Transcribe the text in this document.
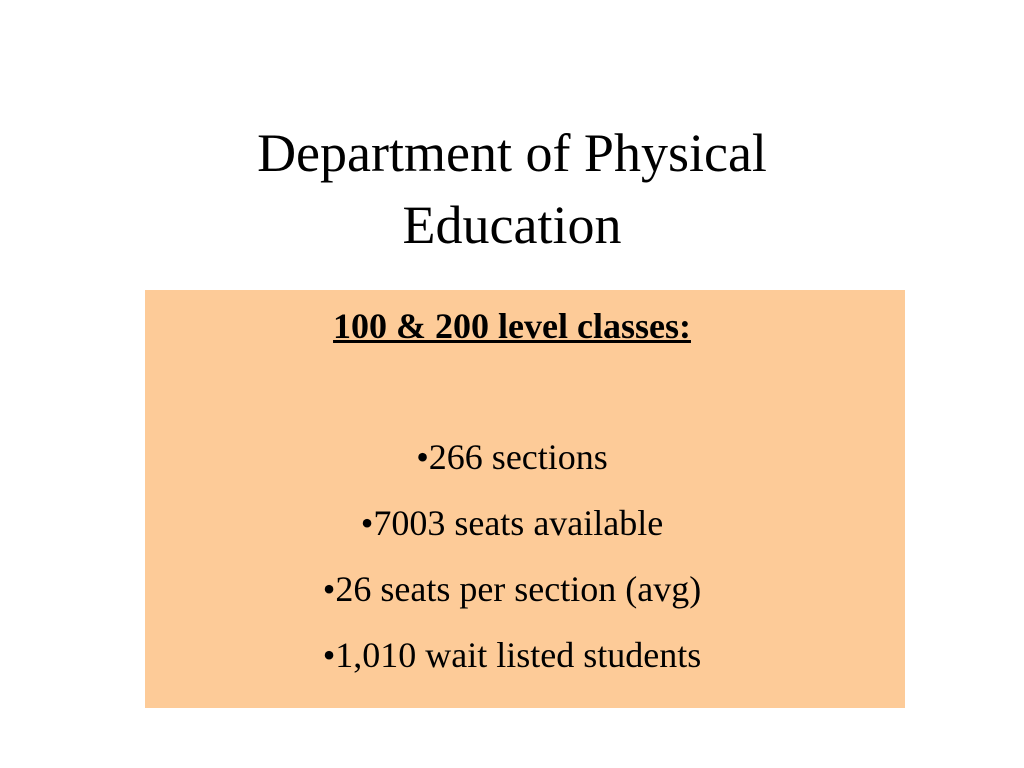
Department of Physical
Education
100 & 200 level classes:
•266 sections
•7003 seats available
•26 seats per section (avg)
•1,010 wait listed students
